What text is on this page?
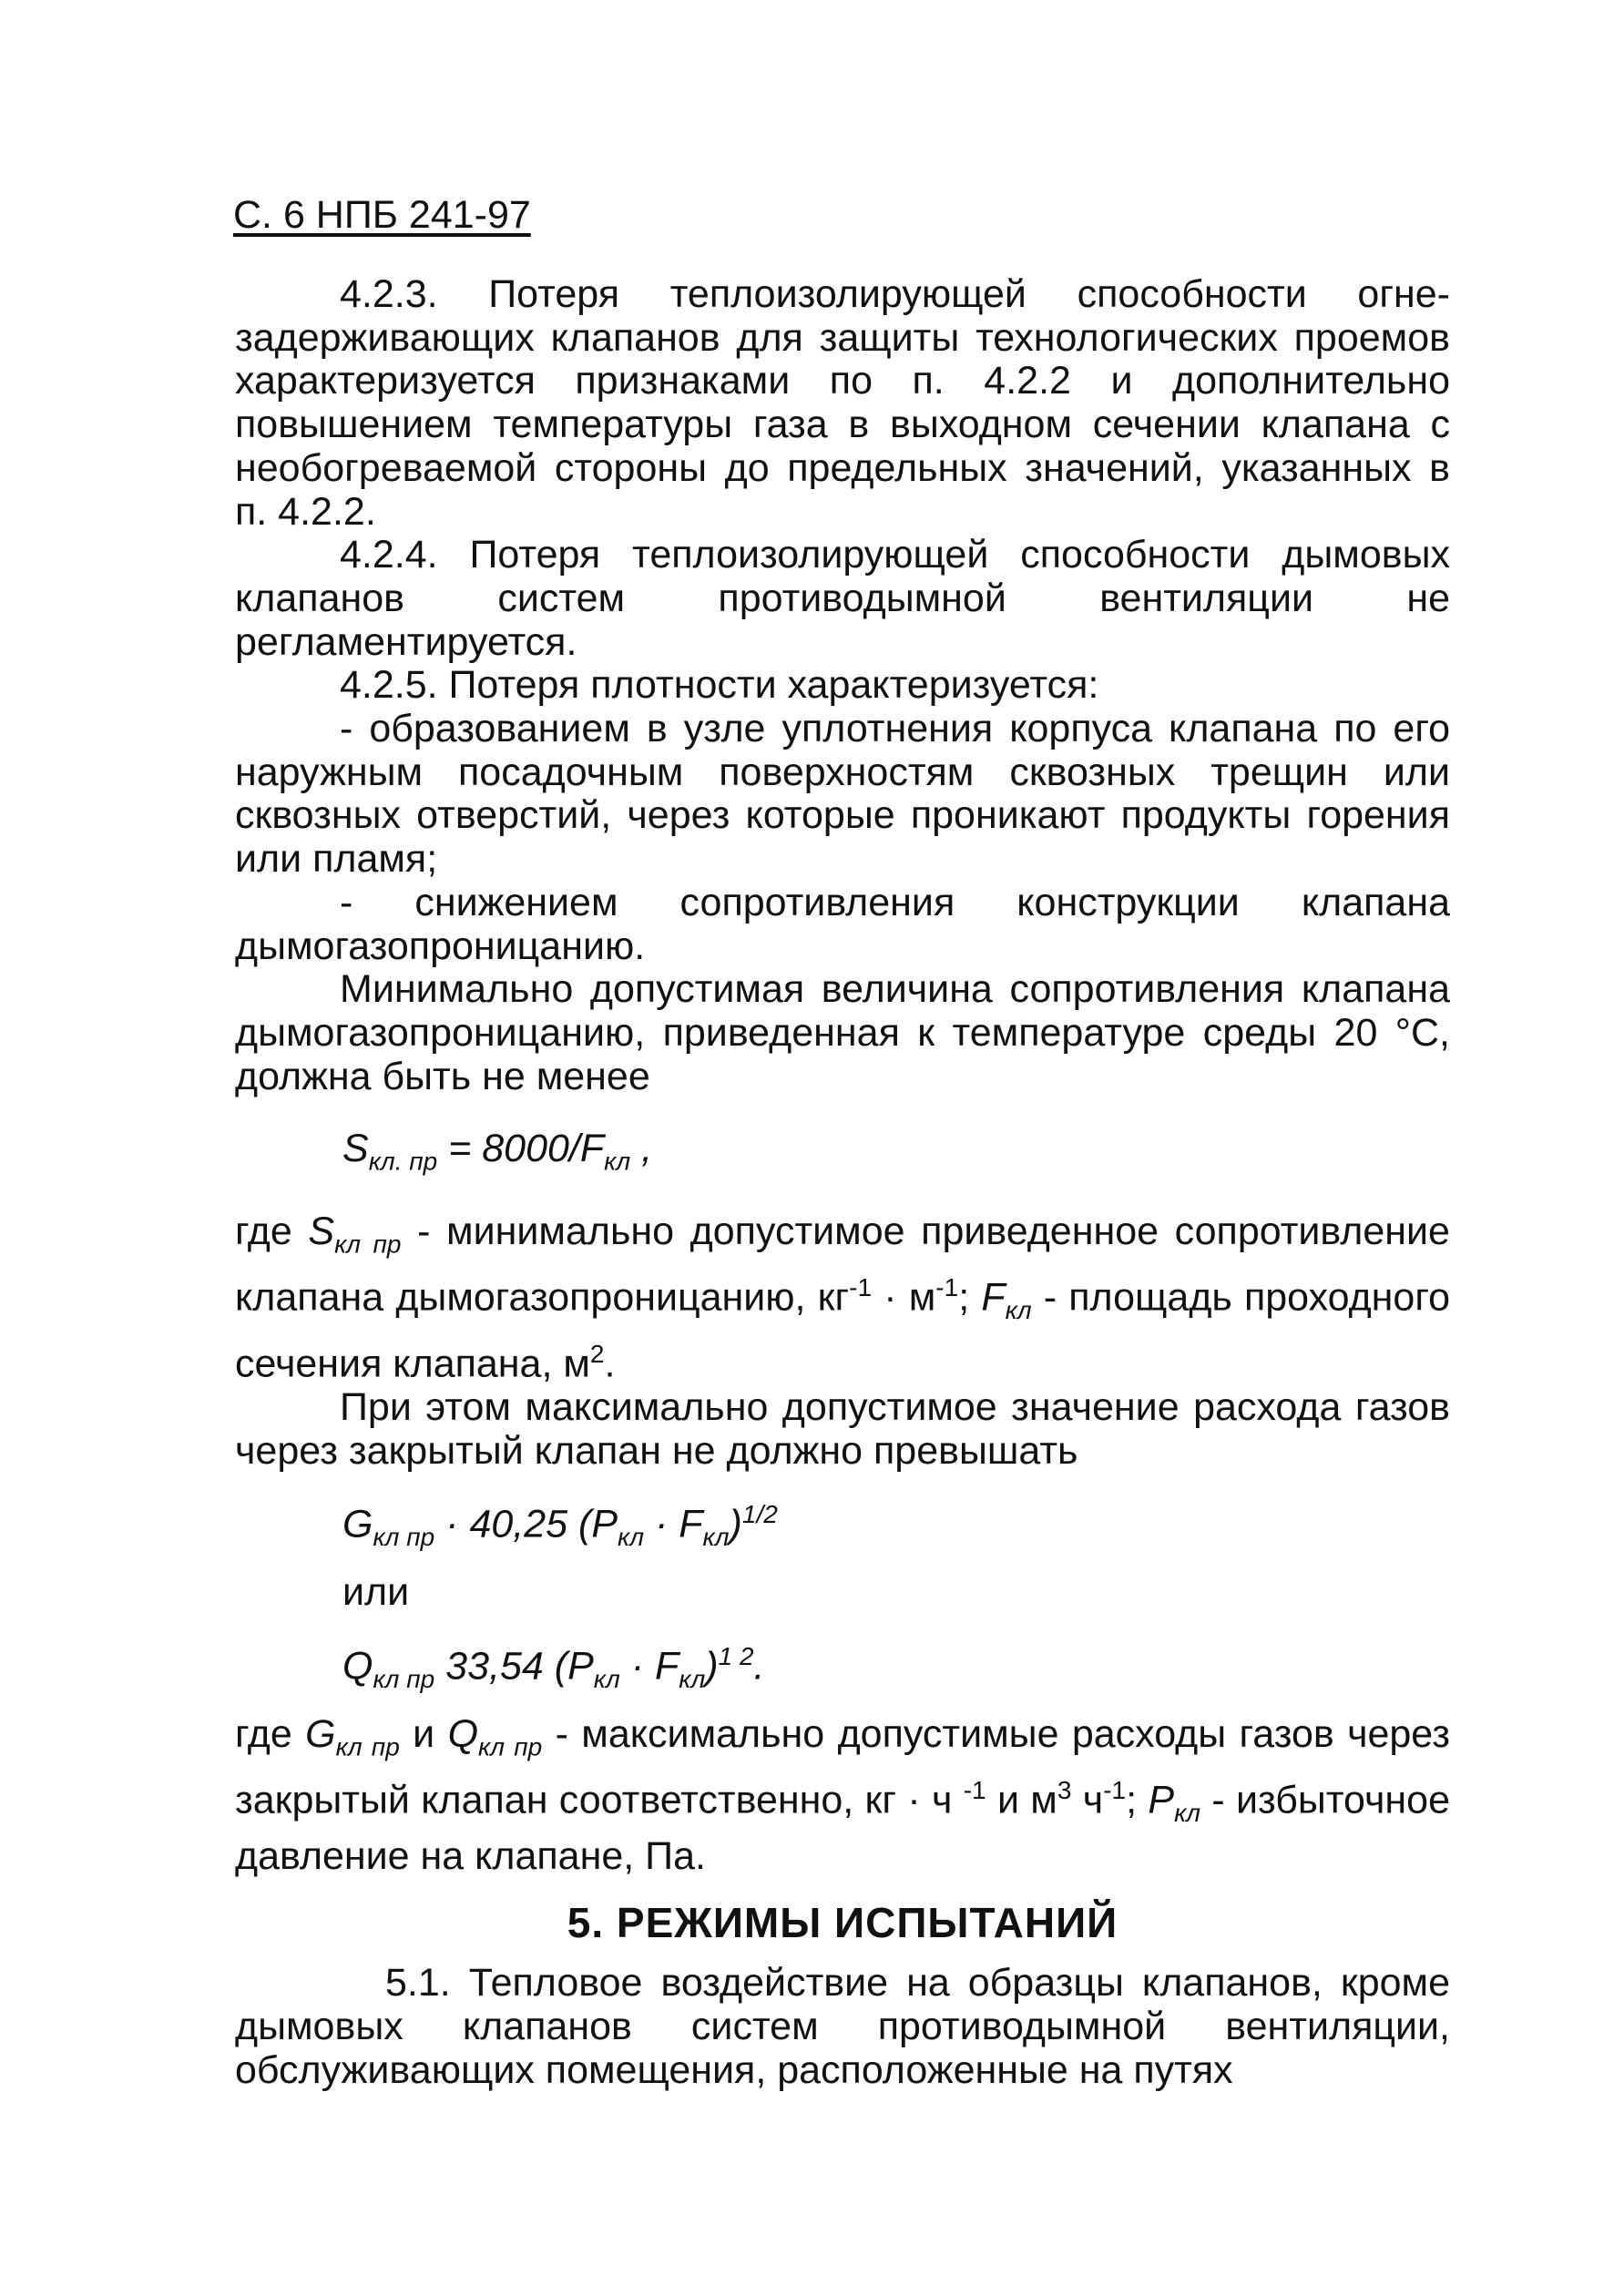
С. 6 НПБ 241-97

4.2.3. Потеря теплоизолирующей способности огне-задерживающих клапанов для защиты технологических проемов характеризуется признаками по п. 4.2.2 и дополнительно повышением температуры газа в выходном сечении клапана с необогреваемой стороны до предельных значений, указанных в п. 4.2.2.

4.2.4. Потеря теплоизолирующей способности дымовых клапанов систем противодымной вентиляции не регламентируется.

4.2.5. Потеря плотности характеризуется:

- образованием в узле уплотнения корпуса клапана по его наружным посадочным поверхностям сквозных трещин или сквозных отверстий, через которые проникают продукты горения или пламя;

- снижением сопротивления конструкции клапана дымогазопроницанию.

Минимально допустимая величина сопротивления клапана дымогазопроницанию, приведенная к температуре среды 20 °С, должна быть не менее

$S_{кл. пр} = 8000/F_{кл}$ ,

где $S_{кл пр}$ - минимально допустимое приведенное сопротивление клапана дымогазопроницанию, $кг^{-1} \cdot м^{-1}$; $F_{кл}$ - площадь проходного сечения клапана, $м^2$.

При этом максимально допустимое значение расхода газов через закрытый клапан не должно превышать

$G_{кл пр} \cdot 40,25$ $(P_{кл} \cdot F_{кл})^{1/2}$
или
$Q_{кл пр}$ 33,54 $(P_{кл} \cdot F_{кл})^{1 2}$.

где $G_{кл пр}$ и $Q_{кл пр}$ - максимально допустимые расходы газов через закрытый клапан соответственно, кг · ч $^{-1}$ и $м^3$ $ч^{-1}$; $P_{кл}$ - избыточное давление на клапане, Па.

5. РЕЖИМЫ ИСПЫТАНИЙ

5.1. Тепловое воздействие на образцы клапанов, кроме дымовых клапанов систем противодымной вентиляции, обслуживающих помещения, расположенные на путях
